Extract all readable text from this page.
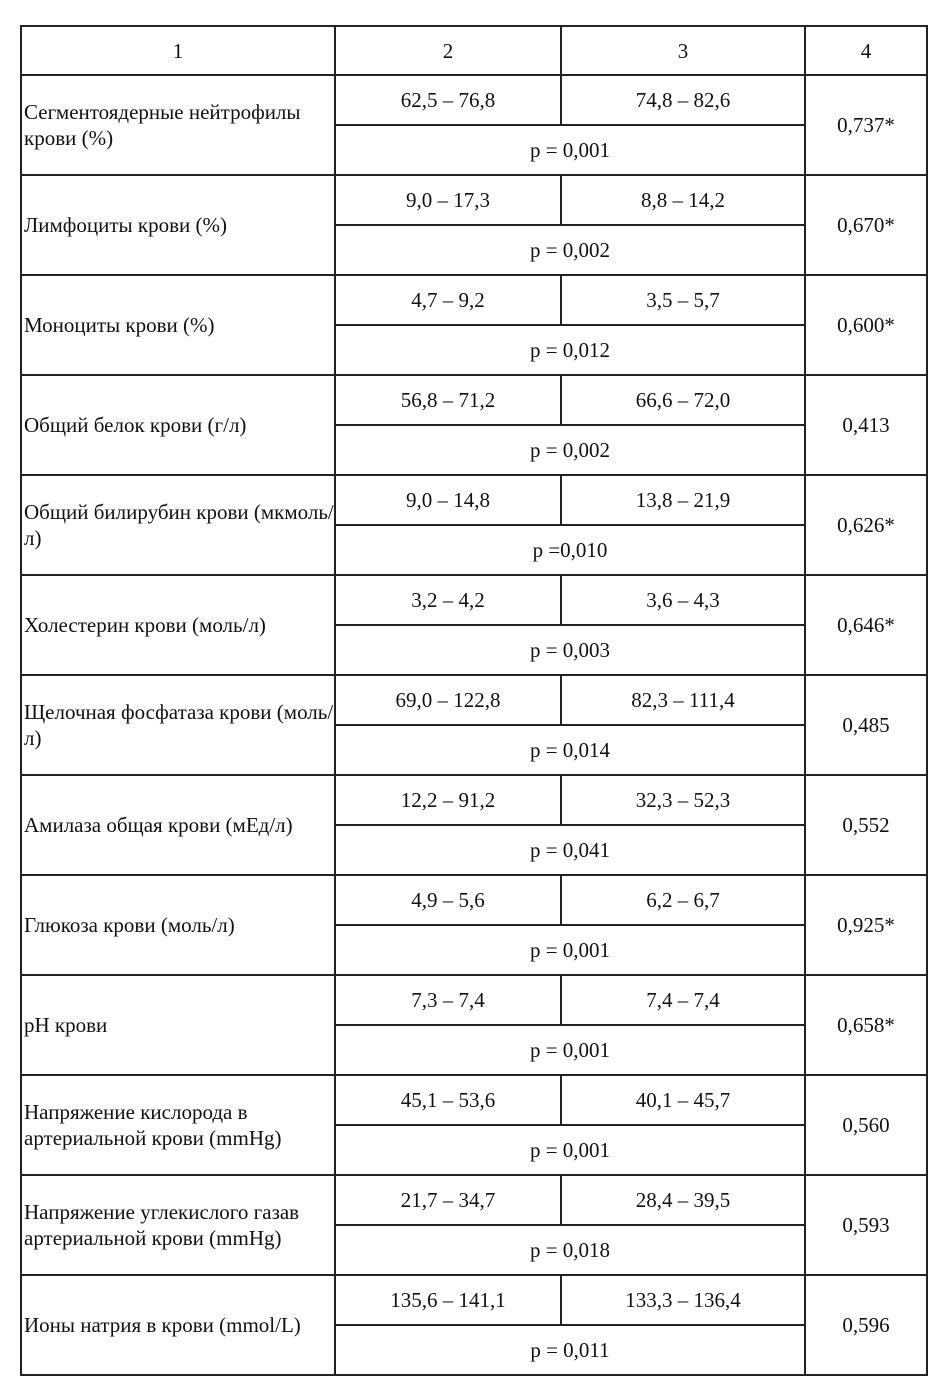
1	2	3	4
Сегментоядерные нейтрофилы крови (%)	62,5 – 76,8	74,8 – 82,6	0,737*
	p = 0,001		
Лимфоциты крови (%)	9,0 – 17,3	8,8 – 14,2	0,670*
	p = 0,002		
Моноциты крови (%)	4,7 – 9,2	3,5 – 5,7	0,600*
	p = 0,012		
Общий белок крови (г/л)	56,8 – 71,2	66,6 – 72,0	0,413
	p = 0,002		
Общий билирубин крови (мкмоль/л)	9,0 – 14,8	13,8 – 21,9	0,626*
	p =0,010		
Холестерин крови (моль/л)	3,2 – 4,2	3,6 – 4,3	0,646*
	p = 0,003		
Щелочная фосфатаза крови (моль/л)	69,0 – 122,8	82,3 – 111,4	0,485
	p = 0,014		
Амилаза общая крови (мЕд/л)	12,2 – 91,2	32,3 – 52,3	0,552
	p = 0,041		
Глюкоза крови (моль/л)	4,9 – 5,6	6,2 – 6,7	0,925*
	p = 0,001		
pH крови	7,3 – 7,4	7,4 – 7,4	0,658*
	p = 0,001		
Напряжение кислорода в артериальной крови (mmHg)	45,1 – 53,6	40,1 – 45,7	0,560
	p = 0,001		
Напряжение углекислого газав артериальной крови (mmHg)	21,7 – 34,7	28,4 – 39,5	0,593
	p = 0,018		
Ионы натрия в крови (mmol/L)	135,6 – 141,1	133,3 – 136,4	0,596
	p = 0,011		
